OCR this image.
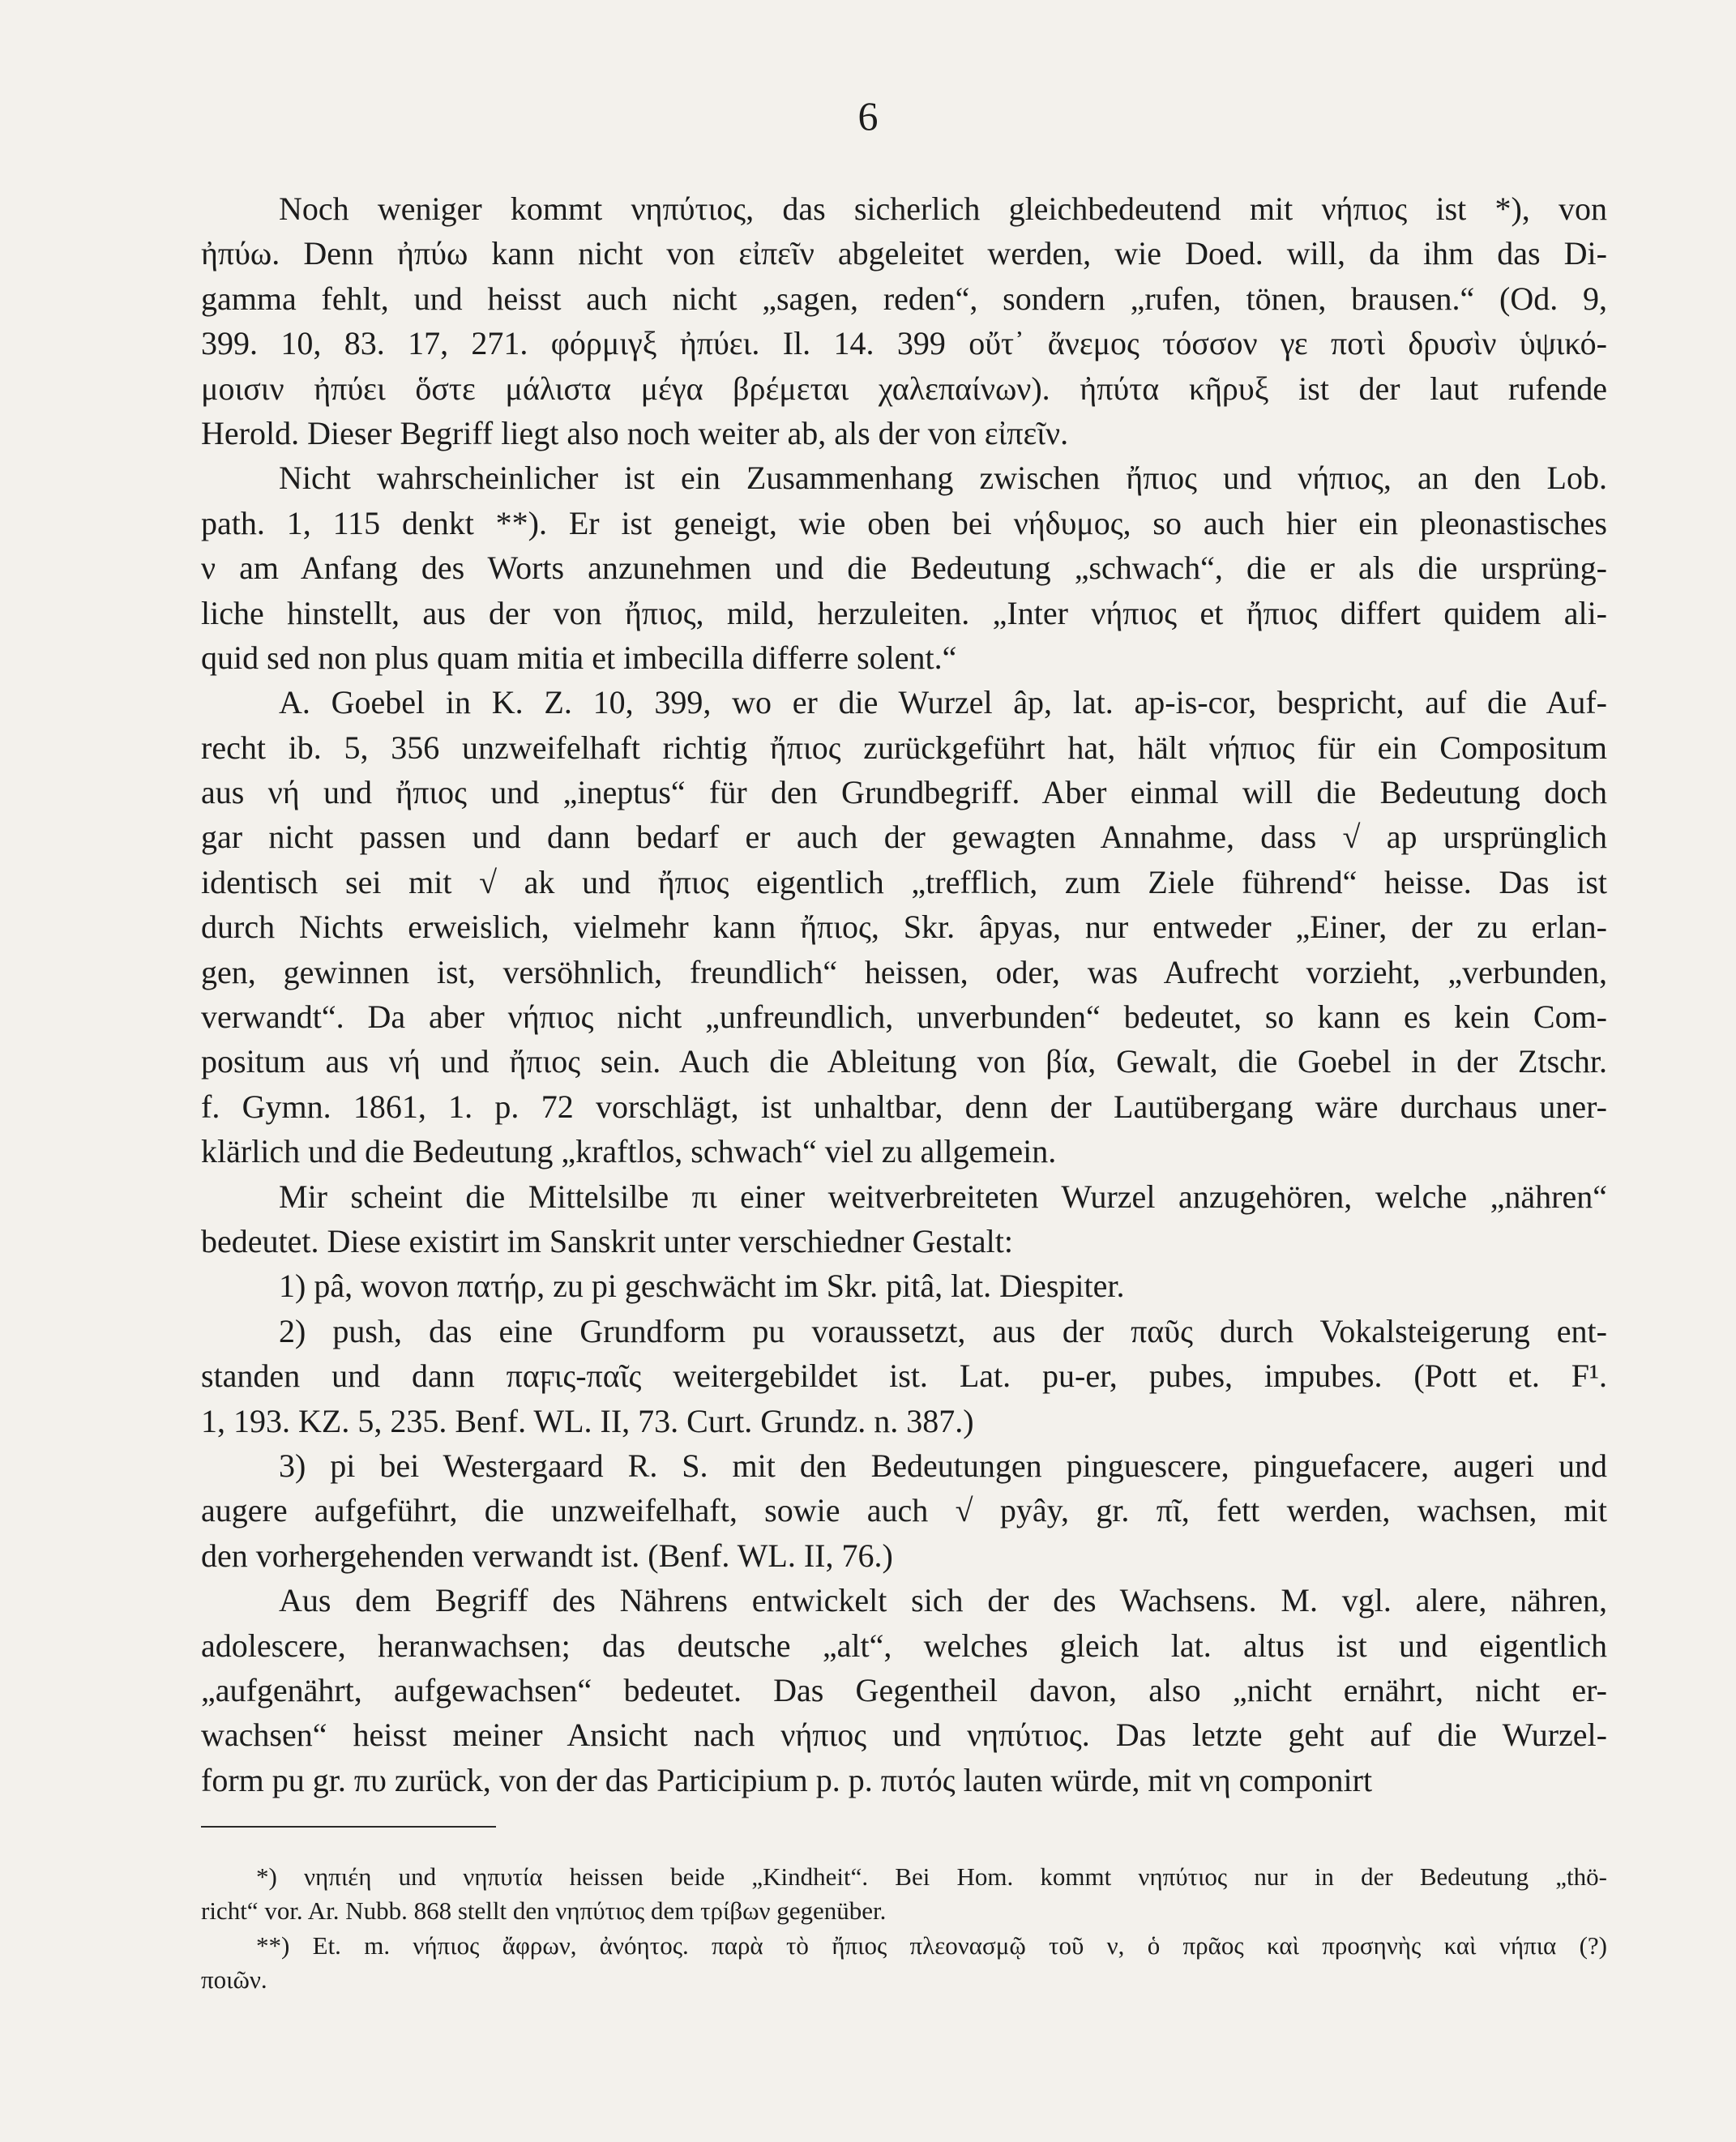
6
Noch weniger kommt νηπύτιος, das sicherlich gleichbedeutend mit νήπιος ist *), von
ἠπύω. Denn ἠπύω kann nicht von εἰπεῖν abgeleitet werden, wie Doed. will, da ihm das Di-
gamma fehlt, und heisst auch nicht „sagen, reden“, sondern „rufen, tönen, brausen.“ (Od. 9,
399. 10, 83. 17, 271. φόρμιγξ ἠπύει. Il. 14. 399 οὔτ᾽ ἄνεμος τόσσον γε ποτὶ δρυσὶν ὑψικό-
μοισιν ἠπύει ὅστε μάλιστα μέγα βρέμεται χαλεπαίνων). ἠπύτα κῆρυξ ist der laut rufende
Herold. Dieser Begriff liegt also noch weiter ab, als der von εἰπεῖν.
Nicht wahrscheinlicher ist ein Zusammenhang zwischen ἤπιος und νήπιος, an den Lob.
path. 1, 115 denkt **). Er ist geneigt, wie oben bei νήδυμος, so auch hier ein pleonastisches
ν am Anfang des Worts anzunehmen und die Bedeutung „schwach“, die er als die ursprüng-
liche hinstellt, aus der von ἤπιος, mild, herzuleiten. „Inter νήπιος et ἤπιος differt quidem ali-
quid sed non plus quam mitia et imbecilla differre solent.“
A. Goebel in K. Z. 10, 399, wo er die Wurzel âp, lat. ap-is-cor, bespricht, auf die Auf-
recht ib. 5, 356 unzweifelhaft richtig ἤπιος zurückgeführt hat, hält νήπιος für ein Compositum
aus νή und ἤπιος und „ineptus“ für den Grundbegriff. Aber einmal will die Bedeutung doch
gar nicht passen und dann bedarf er auch der gewagten Annahme, dass √ ap ursprünglich
identisch sei mit √ ak und ἤπιος eigentlich „trefflich, zum Ziele führend“ heisse. Das ist
durch Nichts erweislich, vielmehr kann ἤπιος, Skr. âpyas, nur entweder „Einer, der zu erlan-
gen, gewinnen ist, versöhnlich, freundlich“ heissen, oder, was Aufrecht vorzieht, „verbunden,
verwandt“. Da aber νήπιος nicht „unfreundlich, unverbunden“ bedeutet, so kann es kein Com-
positum aus νή und ἤπιος sein. Auch die Ableitung von βία, Gewalt, die Goebel in der Ztschr.
f. Gymn. 1861, 1. p. 72 vorschlägt, ist unhaltbar, denn der Lautübergang wäre durchaus uner-
klärlich und die Bedeutung „kraftlos, schwach“ viel zu allgemein.
Mir scheint die Mittelsilbe πι einer weitverbreiteten Wurzel anzugehören, welche „nähren“
bedeutet. Diese existirt im Sanskrit unter verschiedner Gestalt:
1) pâ, wovon πατήρ, zu pi geschwächt im Skr. pitâ, lat. Diespiter.
2) push, das eine Grundform pu voraussetzt, aus der παῦς durch Vokalsteigerung ent-
standen und dann παϝις-παῖς weitergebildet ist. Lat. pu-er, pubes, impubes. (Pott et. F¹.
1, 193. KZ. 5, 235. Benf. WL. II, 73. Curt. Grundz. n. 387.)
3) pi bei Westergaard R. S. mit den Bedeutungen pinguescere, pinguefacere, augeri und
augere aufgeführt, die unzweifelhaft, sowie auch √ pyây, gr. πῖ, fett werden, wachsen, mit
den vorhergehenden verwandt ist. (Benf. WL. II, 76.)
Aus dem Begriff des Nährens entwickelt sich der des Wachsens. M. vgl. alere, nähren,
adolescere, heranwachsen; das deutsche „alt“, welches gleich lat. altus ist und eigentlich
„aufgenährt, aufgewachsen“ bedeutet. Das Gegentheil davon, also „nicht ernährt, nicht er-
wachsen“ heisst meiner Ansicht nach νήπιος und νηπύτιος. Das letzte geht auf die Wurzel-
form pu gr. πυ zurück, von der das Participium p. p. πυτός lauten würde, mit νη componirt
*) νηπιέη und νηπυτία heissen beide „Kindheit“. Bei Hom. kommt νηπύτιος nur in der Bedeutung „thö-
richt“ vor. Ar. Nubb. 868 stellt den νηπύτιος dem τρίβων gegenüber.
**) Et. m. νήπιος ἄφρων, ἀνόητος. παρὰ τὸ ἤπιος πλεονασμῷ τοῦ ν, ὁ πρᾶος καὶ προσηνὴς καὶ νήπια (?)
ποιῶν.
